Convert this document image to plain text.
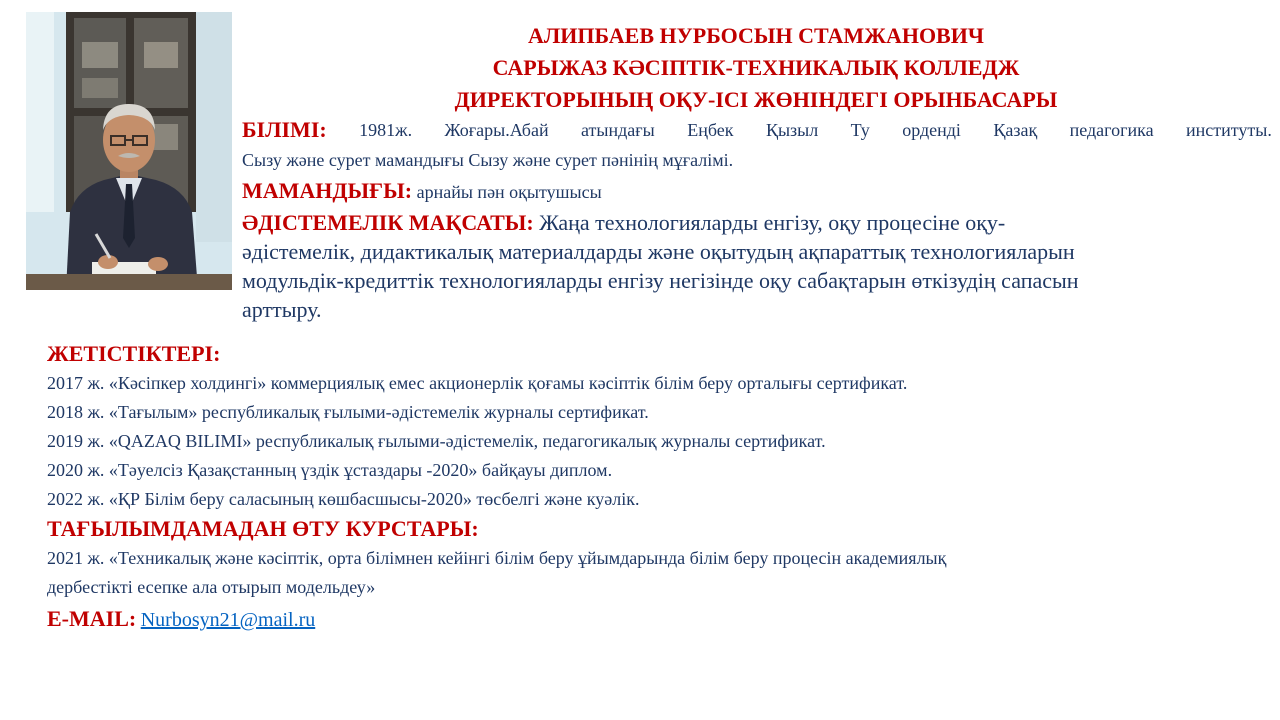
АЛИПБАЕВ НУРБОСЫН СТАМЖАНОВИЧ
САРЫЖАЗ КӘСІПТІК-ТЕХНИКАЛЫҚ КОЛЛЕДЖ
ДИРЕКТОРЫНЫҢ ОҚУ-ІСІ ЖӨНІНДЕГІ ОРЫНБАСАРЫ
БІЛІМІ: 1981ж. Жоғары.Абай атындағы Еңбек Қызыл Ту орденді Қазақ педагогика институты.
Сызу және сурет мамандығы Сызу және сурет пәнінің мұғалімі.
МАМАНДЫҒЫ: арнайы пән оқытушысы
ӘДІСТЕМЕЛІК МАҚСАТЫ: Жаңа технологияларды енгізу, оқу процесіне оқу-
әдістемелік, дидактикалық материалдарды және оқытудың ақпараттық технологияларын
модульдік-кредиттік технологияларды енгізу негізінде оқу сабақтарын өткізудің сапасын
арттыру.
ЖЕТІСТІКТЕРІ:
2017 ж. «Кәсіпкер холдингі» коммерциялық емес акционерлік қоғамы кәсіптік білім беру орталығы сертификат.
2018 ж. «Тағылым» республикалық ғылыми-әдістемелік журналы сертификат.
2019 ж. «QAZAQ BILIMI» республикалық ғылыми-әдістемелік, педагогикалық журналы сертификат.
2020 ж. «Тәуелсіз Қазақстанның үздік ұстаздары -2020» байқауы диплом.
2022 ж. «ҚР Білім беру саласының көшбасшысы-2020» төсбелгі және куәлік.
ТАҒЫЛЫМДАМАДАН ӨТУ КУРСТАРЫ:
2021 ж. «Техникалық және кәсіптік, орта білімнен кейінгі білім беру ұйымдарында білім беру процесін академиялық
дербестікті есепке ала отырып модельдеу»
E-MAIL: Nurbosyn21@mail.ru
